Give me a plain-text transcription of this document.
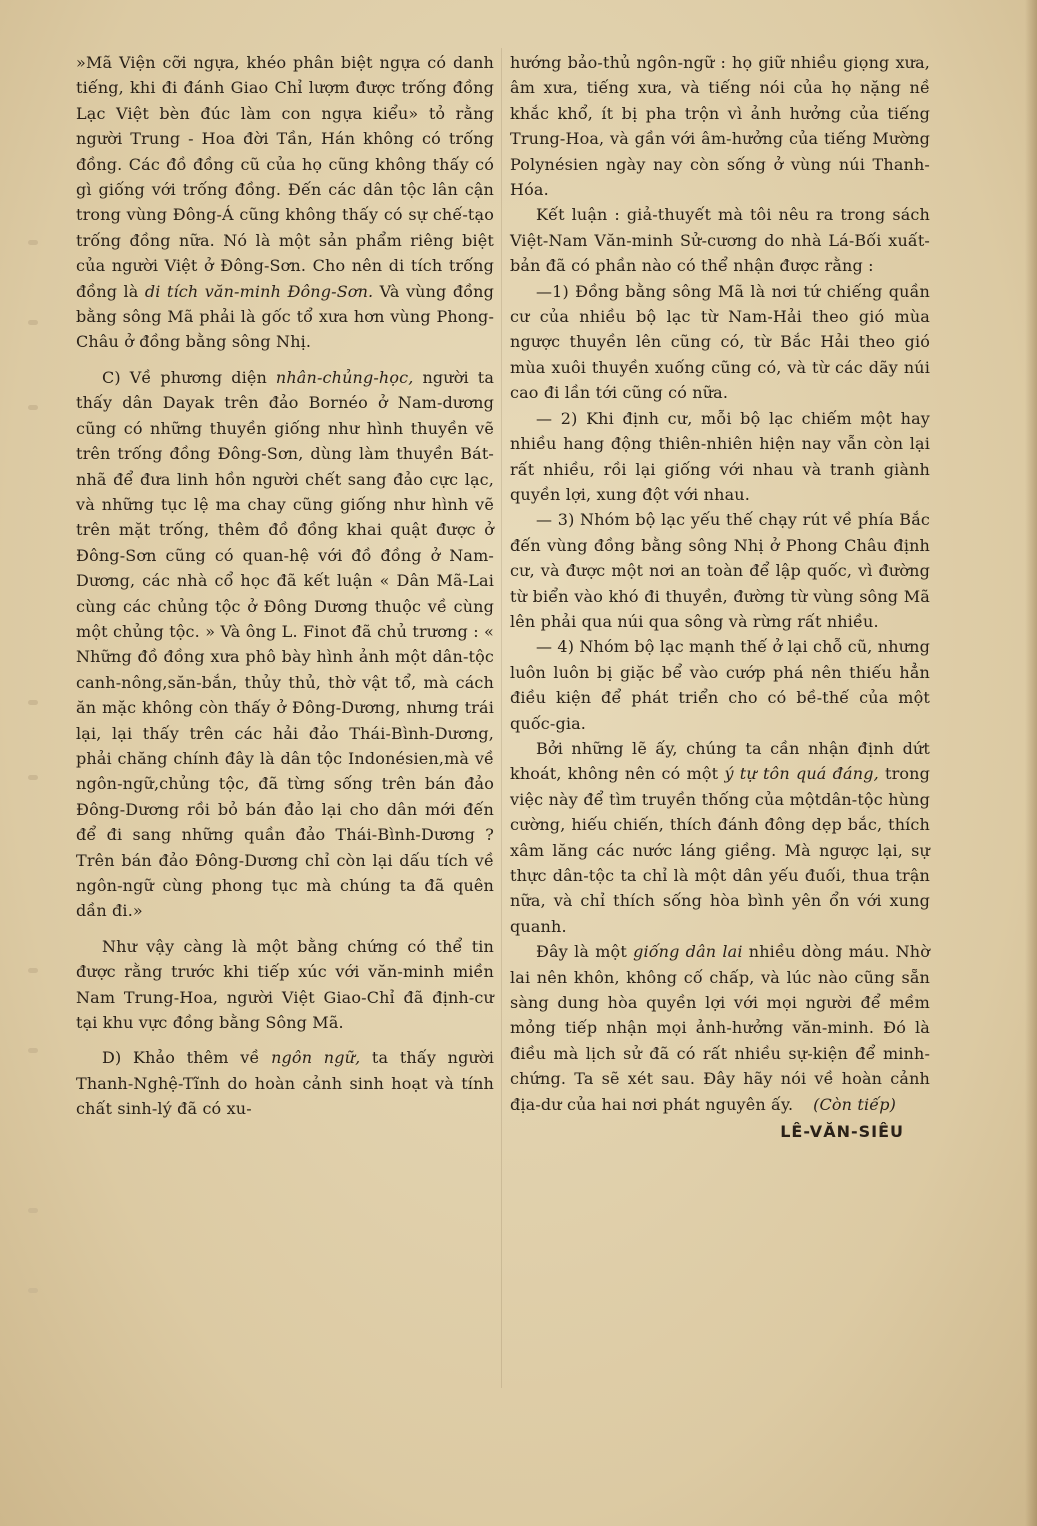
»Mã Viện cỡi ngựa, khéo phân biệt ngựa có danh tiếng, khi đi đánh Giao Chỉ lượm được trống đồng Lạc Việt bèn đúc làm con ngựa kiểu» tỏ rằng người Trung - Hoa đời Tần, Hán không có trống đồng. Các đồ đồng cũ của họ cũng không thấy có gì giống với trống đồng. Đến các dân tộc lân cận trong vùng Đông-Á cũng không thấy có sự chế-tạo trống đồng nữa. Nó là một sản phẩm riêng biệt của người Việt ở Đông-Sơn. Cho nên di tích trống đồng là di tích văn-minh Đông-Sơn. Và vùng đồng bằng sông Mã phải là gốc tổ xưa hơn vùng Phong-Châu ở đồng bằng sông Nhị.

C) Về phương diện nhân-chủng-học, người ta thấy dân Dayak trên đảo Bornéo ở Nam-dương cũng có những thuyền giống như hình thuyền vẽ trên trống đồng Đông-Sơn, dùng làm thuyền Bát-nhã để đưa linh hồn người chết sang đảo cực lạc, và những tục lệ ma chay cũng giống như hình vẽ trên mặt trống, thêm đồ đồng khai quật được ở Đông-Sơn cũng có quan-hệ với đồ đồng ở Nam-Dương, các nhà cổ học đã kết luận « Dân Mã-Lai cùng các chủng tộc ở Đông Dương thuộc về cùng một chủng tộc. » Và ông L. Finot đã chủ trương : « Những đồ đồng xưa phô bày hình ảnh một dân-tộc canh-nông,săn-bắn, thủy thủ, thờ vật tổ, mà cách ăn mặc không còn thấy ở Đông-Dương, nhưng trái lại, lại thấy trên các hải đảo Thái-Bình-Dương, phải chăng chính đây là dân tộc Indonésien,mà về ngôn-ngữ,chủng tộc, đã từng sống trên bán đảo Đông-Dương rồi bỏ bán đảo lại cho dân mới đến để đi sang những quần đảo Thái-Bình-Dương ? Trên bán đảo Đông-Dương chỉ còn lại dấu tích về ngôn-ngữ cùng phong tục mà chúng ta đã quên dần đi.»

Như vậy càng là một bằng chứng có thể tin được rằng trước khi tiếp xúc với văn-minh miền Nam Trung-Hoa, người Việt Giao-Chỉ đã định-cư tại khu vực đồng bằng Sông Mã.

D) Khảo thêm về ngôn ngữ, ta thấy người Thanh-Nghệ-Tĩnh do hoàn cảnh sinh hoạt và tính chất sinh-lý đã có xu-

hướng bảo-thủ ngôn-ngữ : họ giữ nhiều giọng xưa, âm xưa, tiếng xưa, và tiếng nói của họ nặng nề khắc khổ, ít bị pha trộn vì ảnh hưởng của tiếng Trung-Hoa, và gần với âm-hưởng của tiếng Mường Polynésien ngày nay còn sống ở vùng núi Thanh-Hóa.

Kết luận : giả-thuyết mà tôi nêu ra trong sách Việt-Nam Văn-minh Sử-cương do nhà Lá-Bối xuất-bản đã có phần nào có thể nhận được rằng :

—1) Đồng bằng sông Mã là nơi tứ chiếng quần cư của nhiều bộ lạc từ Nam-Hải theo gió mùa ngược thuyền lên cũng có, từ Bắc Hải theo gió mùa xuôi thuyền xuống cũng có, và từ các dãy núi cao đi lần tới cũng có nữa.

— 2) Khi định cư, mỗi bộ lạc chiếm một hay nhiều hang động thiên-nhiên hiện nay vẫn còn lại rất nhiều, rồi lại giống với nhau và tranh giành quyền lợi, xung đột với nhau.

— 3) Nhóm bộ lạc yếu thế chạy rút về phía Bắc đến vùng đồng bằng sông Nhị ở Phong Châu định cư, và được một nơi an toàn để lập quốc, vì đường từ biển vào khó đi thuyền, đường từ vùng sông Mã lên phải qua núi qua sông và rừng rất nhiều.

— 4) Nhóm bộ lạc mạnh thế ở lại chỗ cũ, nhưng luôn luôn bị giặc bể vào cướp phá nên thiếu hẳn điều kiện để phát triển cho có bề-thế của một quốc-gia.

Bởi những lẽ ấy, chúng ta cần nhận định dứt khoát, không nên có một ý tự tôn quá đáng, trong việc này để tìm truyền thống của mộtdân-tộc hùng cường, hiếu chiến, thích đánh đông dẹp bắc, thích xâm lăng các nước láng giềng. Mà ngược lại, sự thực dân-tộc ta chỉ là một dân yếu đuối, thua trận nữa, và chỉ thích sống hòa bình yên ổn với xung quanh.

Đây là một giống dân lai nhiều dòng máu. Nhờ lai nên khôn, không cố chấp, và lúc nào cũng sẵn sàng dung hòa quyền lợi với mọi người để mềm mỏng tiếp nhận mọi ảnh-hưởng văn-minh. Đó là điều mà lịch sử đã có rất nhiều sự-kiện để minh-chứng. Ta sẽ xét sau. Đây hãy nói về hoàn cảnh địa-dư của hai nơi phát nguyên ấy.	(Còn tiếp)
LÊ-VĂN-SIÊU
